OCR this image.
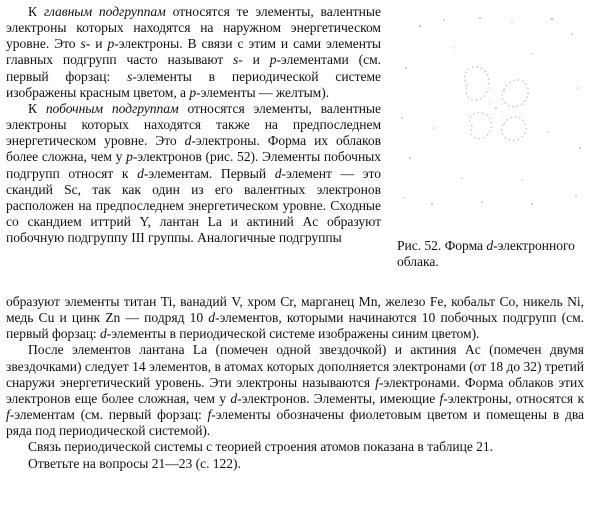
К главным подгруппам относятся те элементы, валентные электроны которых находятся на наружном энергетическом уровне. Это s- и p-электроны. В связи с этим и сами элементы главных подгрупп часто называют s- и p-элементами (см. первый форзац: s-элементы в периодической системе изображены красным цветом, а p-элементы — желтым).

К побочным подгруппам относятся элементы, валентные электроны которых находятся также на предпоследнем энергетическом уровне. Это d-электроны. Форма их облаков более сложна, чем у p-электронов (рис. 52). Элементы побочных подгрупп относят к d-элементам. Первый d-элемент — это скандий Sc, так как один из его валентных электронов расположен на предпоследнем энергетическом уровне. Сходные со скандием иттрий Y, лантан La и актиний Ac образуют побочную подгруппу III группы. Аналогичные подгруппы

Рис. 52. Форма d-электронного облака.

образуют элементы титан Ti, ванадий V, хром Cr, марганец Mn, железо Fe, кобальт Co, никель Ni, медь Cu и цинк Zn — подряд 10 d-элементов, которыми начинаются 10 побочных подгрупп (см. первый форзац: d-элементы в периодической системе изображены синим цветом).

После элементов лантана La (помечен одной звездочкой) и актиния Ac (помечен двумя звездочками) следует 14 элементов, в атомах которых дополняется электронами (от 18 до 32) третий снаружи энергетический уровень. Эти электроны называются f-электронами. Форма облаков этих электронов еще более сложная, чем у d-электронов. Элементы, имеющие f-электроны, относятся к f-элементам (см. первый форзац: f-элементы обозначены фиолетовым цветом и помещены в два ряда под периодической системой).

Связь периодической системы с теорией строения атомов показана в таблице 21.

Ответьте на вопросы 21—23 (с. 122).
